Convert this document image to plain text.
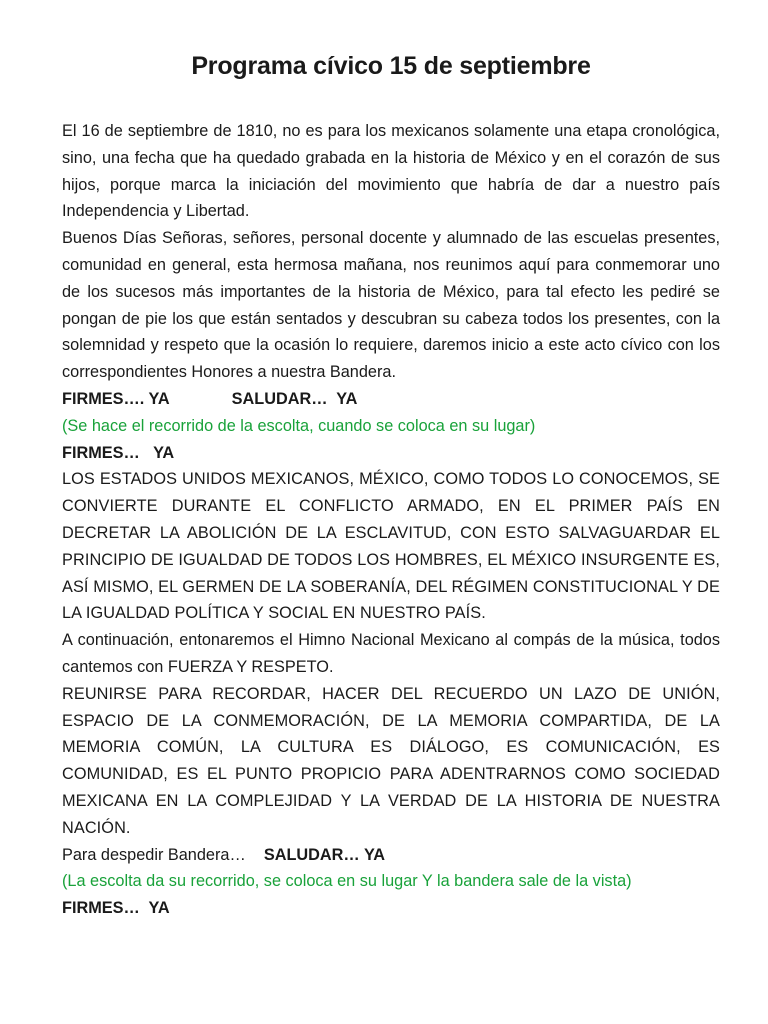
Programa cívico 15 de septiembre

El 16 de septiembre de 1810, no es para los mexicanos solamente una etapa cronológica, sino, una fecha que ha quedado grabada en la historia de México y en el corazón de sus hijos, porque marca la iniciación del movimiento que habría de dar a nuestro país Independencia y Libertad.

Buenos Días Señoras, señores, personal docente y alumnado de las escuelas presentes, comunidad en general, esta hermosa mañana, nos reunimos aquí para conmemorar uno de los sucesos más importantes de la historia de México, para tal efecto les pediré se pongan de pie los que están sentados y descubran su cabeza todos los presentes, con la solemnidad y respeto que la ocasión lo requiere, daremos inicio a este acto cívico con los correspondientes Honores a nuestra Bandera.

FIRMES…. YA	SALUDAR…  YA

(Se hace el recorrido de la escolta, cuando se coloca en su lugar)

FIRMES…   YA

LOS ESTADOS UNIDOS MEXICANOS, MÉXICO, COMO TODOS LO CONOCEMOS, SE CONVIERTE DURANTE EL CONFLICTO ARMADO, EN EL PRIMER PAÍS EN DECRETAR LA ABOLICIÓN DE LA ESCLAVITUD, CON ESTO SALVAGUARDAR EL PRINCIPIO DE IGUALDAD DE TODOS LOS HOMBRES, EL MÉXICO INSURGENTE ES, ASÍ MISMO, EL GERMEN DE LA SOBERANÍA, DEL RÉGIMEN CONSTITUCIONAL Y DE LA IGUALDAD POLÍTICA Y SOCIAL EN NUESTRO PAÍS.

A continuación, entonaremos el Himno Nacional Mexicano al compás de la música, todos cantemos con FUERZA Y RESPETO.

REUNIRSE PARA RECORDAR, HACER DEL RECUERDO UN LAZO DE UNIÓN, ESPACIO DE LA CONMEMORACIÓN, DE LA MEMORIA COMPARTIDA, DE LA MEMORIA COMÚN, LA CULTURA ES DIÁLOGO, ES COMUNICACIÓN, ES COMUNIDAD, ES EL PUNTO PROPICIO PARA ADENTRARNOS COMO SOCIEDAD MEXICANA EN LA COMPLEJIDAD Y LA VERDAD DE LA HISTORIA DE NUESTRA NACIÓN.

Para despedir Bandera… SALUDAR… YA

(La escolta da su recorrido, se coloca en su lugar Y la bandera sale de la vista)

FIRMES…  YA
